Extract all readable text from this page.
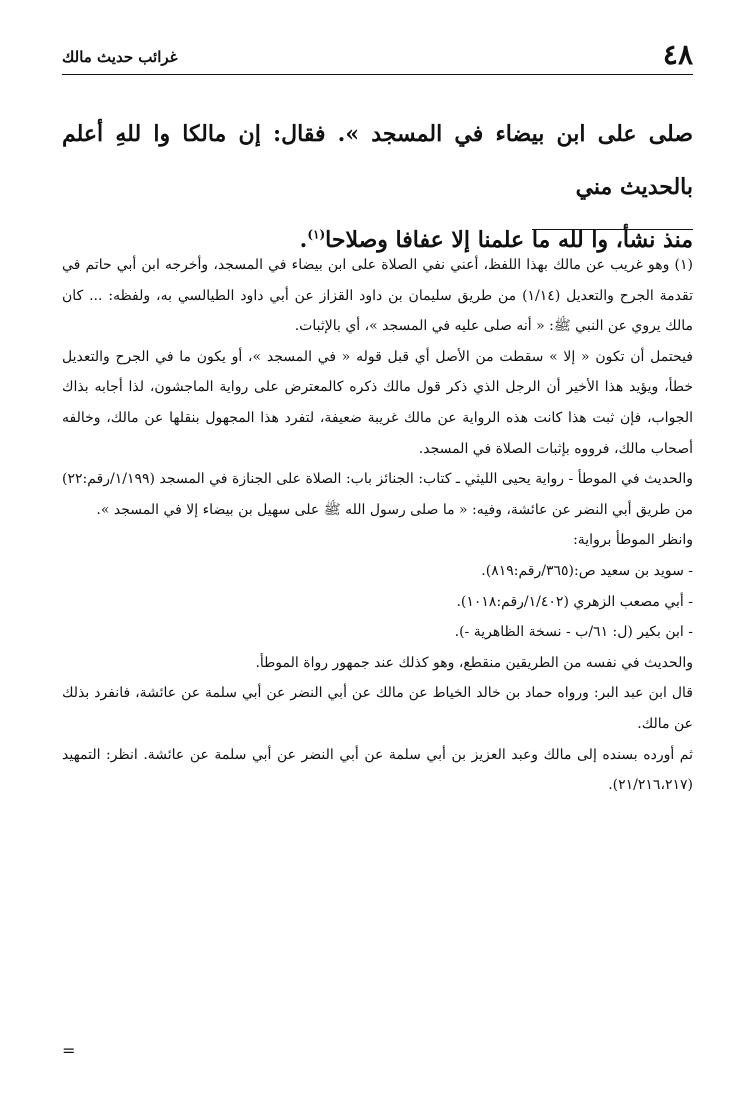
٤٨
غرائب حديث مالك
صلى على ابن بيضاء في المسجد ». فقال: إن مالكا وا للهِ أعلم بالحديث مني
منذ نشأ، وا لله ما علمنا إلا عفافا وصلاحا$^{(١)}$.

(١) وهو غريب عن مالك بهذا اللفظ، أعني نفي الصلاة على ابن بيضاء في المسجد، وأخرجه ابن أبي حاتم في تقدمة الجرح والتعديل (١/١٤) من طريق سليمان بن داود القزاز عن أبي داود الطيالسي به، ولفظه: ... كان مالك يروي عن النبي ﷺ: « أنه صلى عليه في المسجد »، أي بالإثبات.

فيحتمل أن تكون « إلا » سقطت من الأصل أي قبل قوله « في المسجد »، أو يكون ما في الجرح والتعديل خطأ، ويؤيد هذا الأخير أن الرجل الذي ذكر قول مالك ذكره كالمعترض على رواية الماجشون، لذا أجابه بذاك الجواب، فإن ثبت هذا كانت هذه الرواية عن مالك غريبة ضعيفة، لتفرد هذا المجهول بنقلها عن مالك، وخالفه أصحاب مالك، فرووه بإثبات الصلاة في المسجد.

والحديث في الموطأ - رواية يحيى الليثي ـ كتاب: الجنائز باب: الصلاة على الجنازة في المسجد (١/١٩٩/رقم:٢٢) من طريق أبي النضر عن عائشة، وفيه: « ما صلى رسول الله ﷺ على سهيل بن بيضاء إلا في المسجد ».

وانظر الموطأ برواية:

- سويد بن سعيد ص:(٣٦٥/رقم:٨١٩).

- أبي مصعب الزهري (١/٤٠٢/رقم:١٠١٨).

- ابن بكير (ل: ٦١/ب - نسخة الظاهرية -).

والحديث في نفسه من الطريقين منقطع، وهو كذلك عند جمهور رواة الموطأ.

قال ابن عبد البر: ورواه حماد بن خالد الخياط عن مالك عن أبي النضر عن أبي سلمة عن عائشة، فانفرد بذلك عن مالك.

ثم أورده بسنده إلى مالك وعبد العزيز بن أبي سلمة عن أبي النضر عن أبي سلمة عن عائشة. انظر: التمهيد (٢١/٢١٦،٢١٧).

=
